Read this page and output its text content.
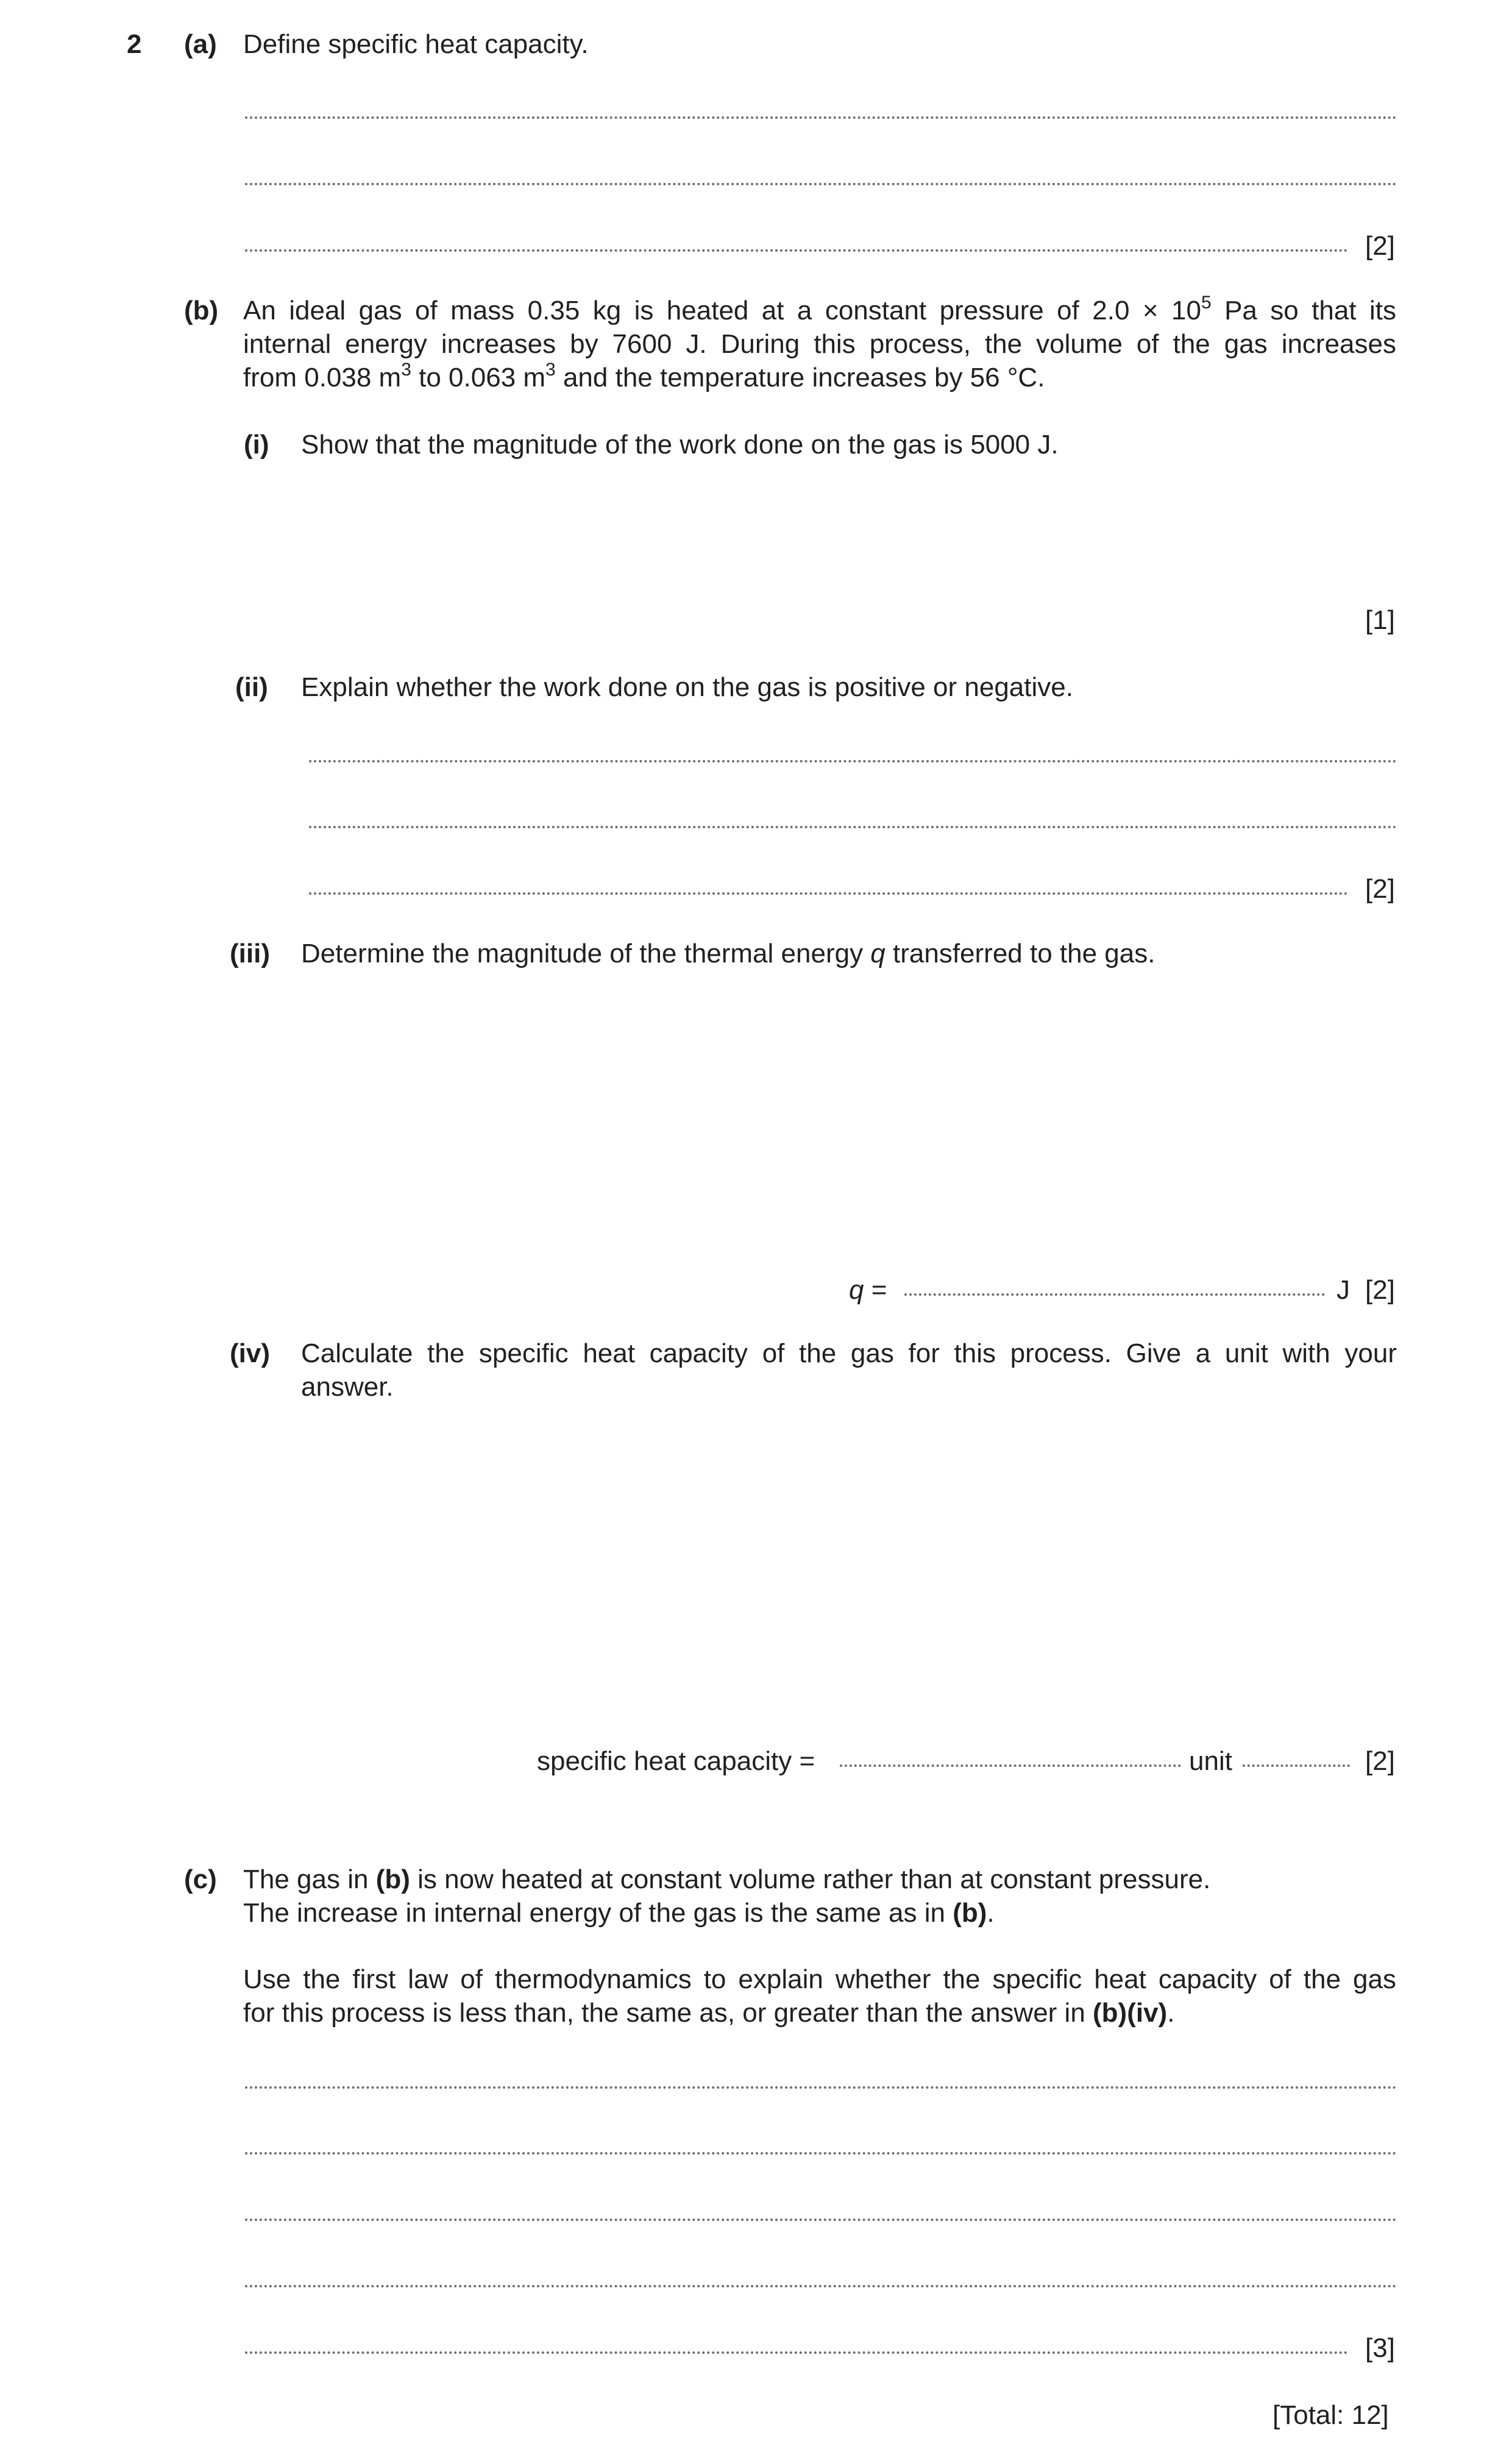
2 (a) Define specific heat capacity.
[2]
(b) An ideal gas of mass 0.35 kg is heated at a constant pressure of $2.0 \times 10^5$ Pa so that its
internal energy increases by 7600 J. During this process, the volume of the gas increases
from 0.038 $m^3$ to 0.063 $m^3$ and the temperature increases by 56 °C.
(i) Show that the magnitude of the work done on the gas is 5000 J.
[1]
(ii) Explain whether the work done on the gas is positive or negative.
[2]
(iii) Determine the magnitude of the thermal energy q transferred to the gas.
q =	J [2]
(iv) Calculate the specific heat capacity of the gas for this process. Give a unit with your
answer.
specific heat capacity =	unit	[2]
(c) The gas in (b) is now heated at constant volume rather than at constant pressure.
The increase in internal energy of the gas is the same as in (b).
Use the first law of thermodynamics to explain whether the specific heat capacity of the gas
for this process is less than, the same as, or greater than the answer in (b)(iv).
[3]
[Total: 12]
